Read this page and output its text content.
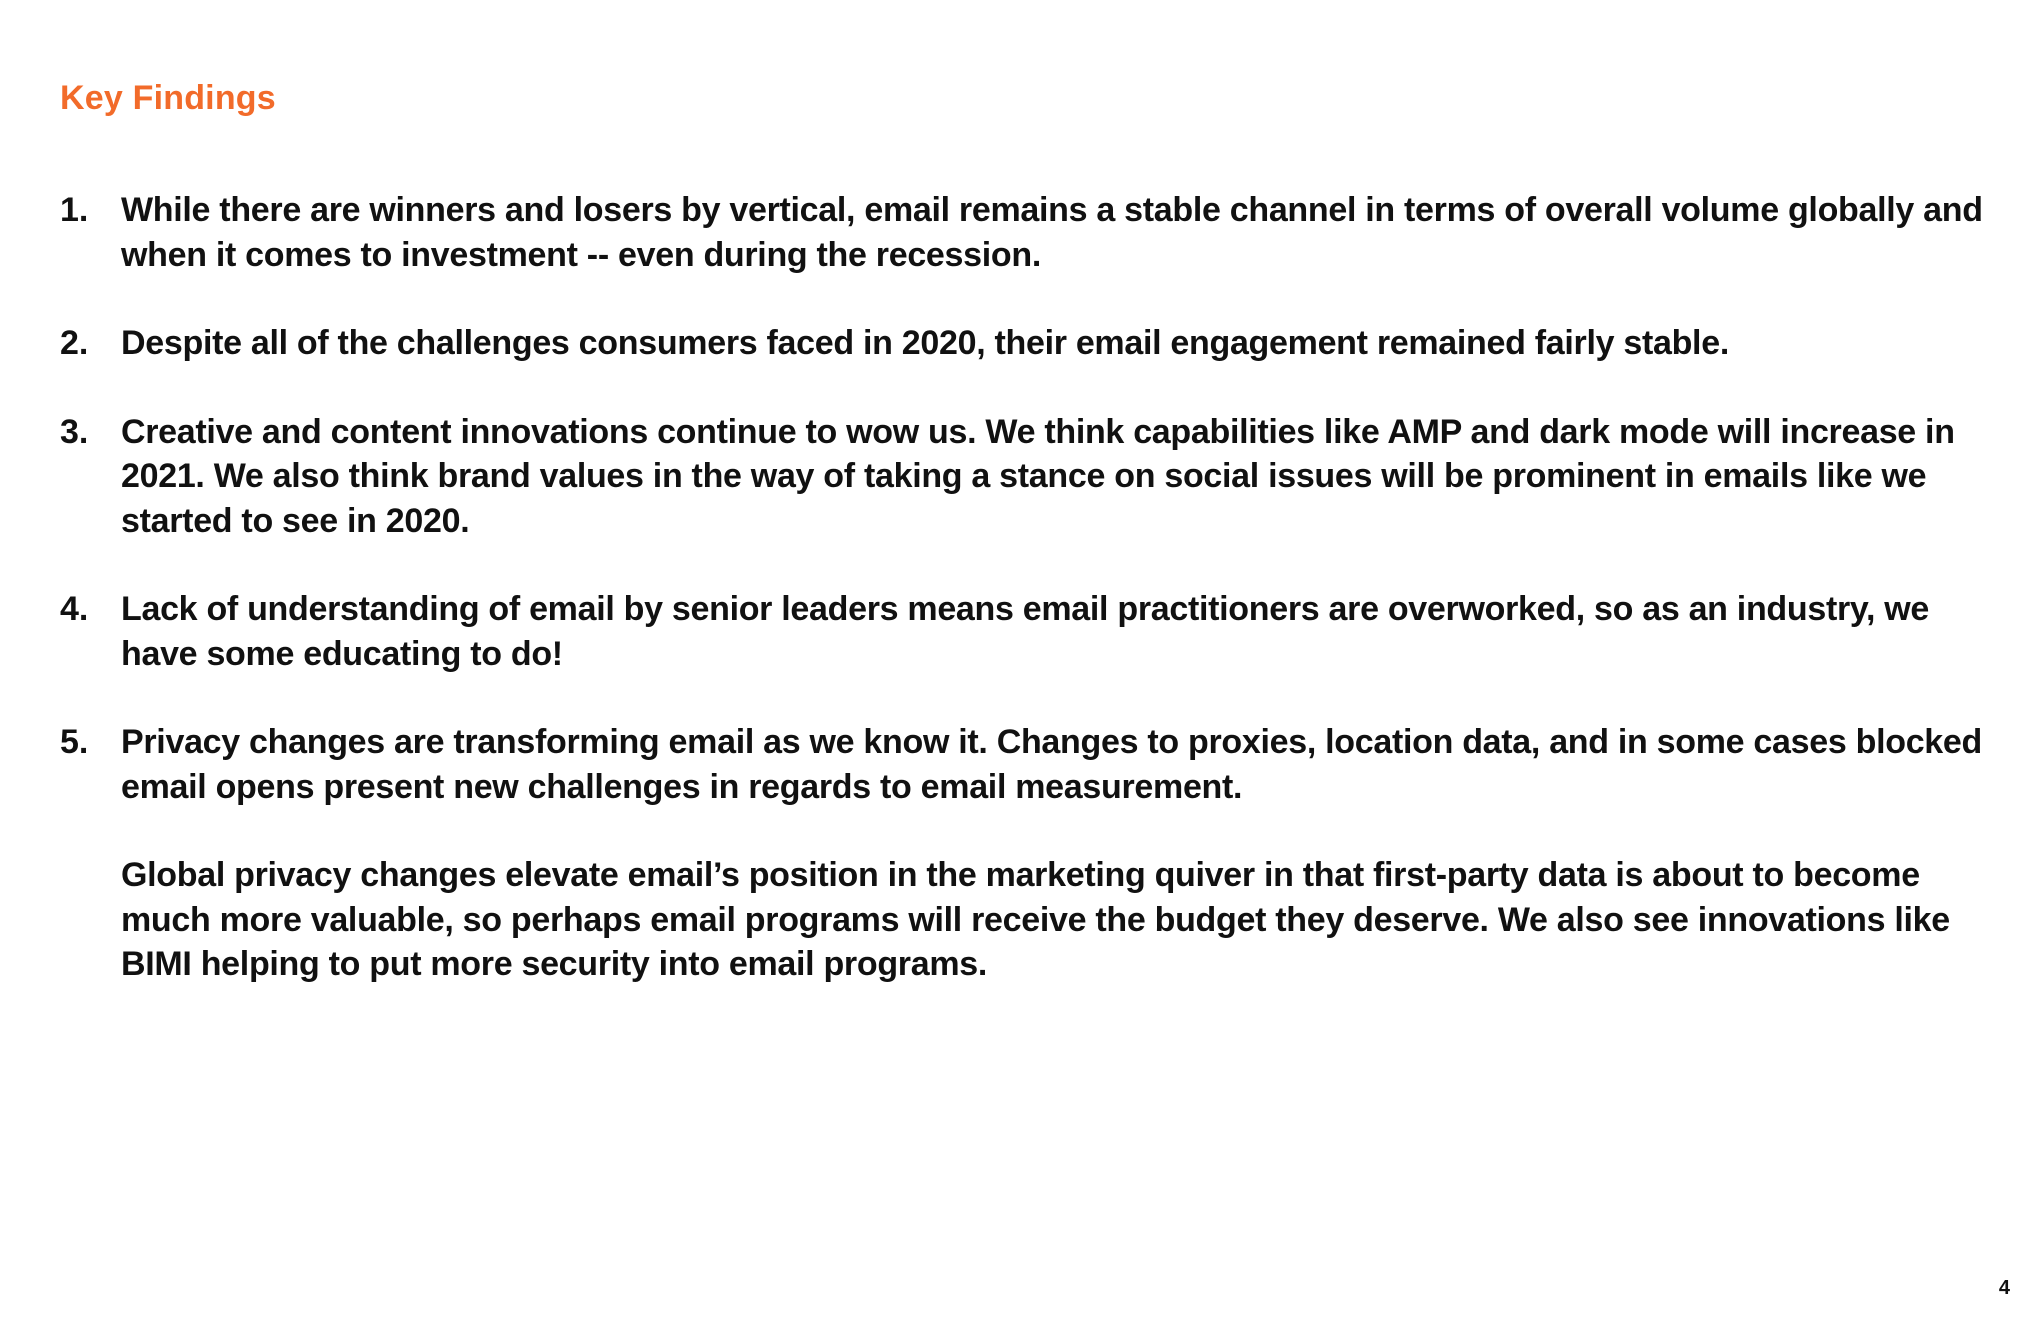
Key Findings
1. While there are winners and losers by vertical, email remains a stable channel in terms of overall volume globally and when it comes to investment -- even during the recession.

2. Despite all of the challenges consumers faced in 2020, their email engagement remained fairly stable.

3. Creative and content innovations continue to wow us. We think capabilities like AMP and dark mode will increase in 2021. We also think brand values in the way of taking a stance on social issues will be prominent in emails like we started to see in 2020.

4. Lack of understanding of email by senior leaders means email practitioners are overworked, so as an industry, we have some educating to do!

5. Privacy changes are transforming email as we know it. Changes to proxies, location data, and in some cases blocked email opens present new challenges in regards to email measurement.

Global privacy changes elevate email’s position in the marketing quiver in that first-party data is about to become much more valuable, so perhaps email programs will receive the budget they deserve. We also see innovations like BIMI helping to put more security into email programs.

4
